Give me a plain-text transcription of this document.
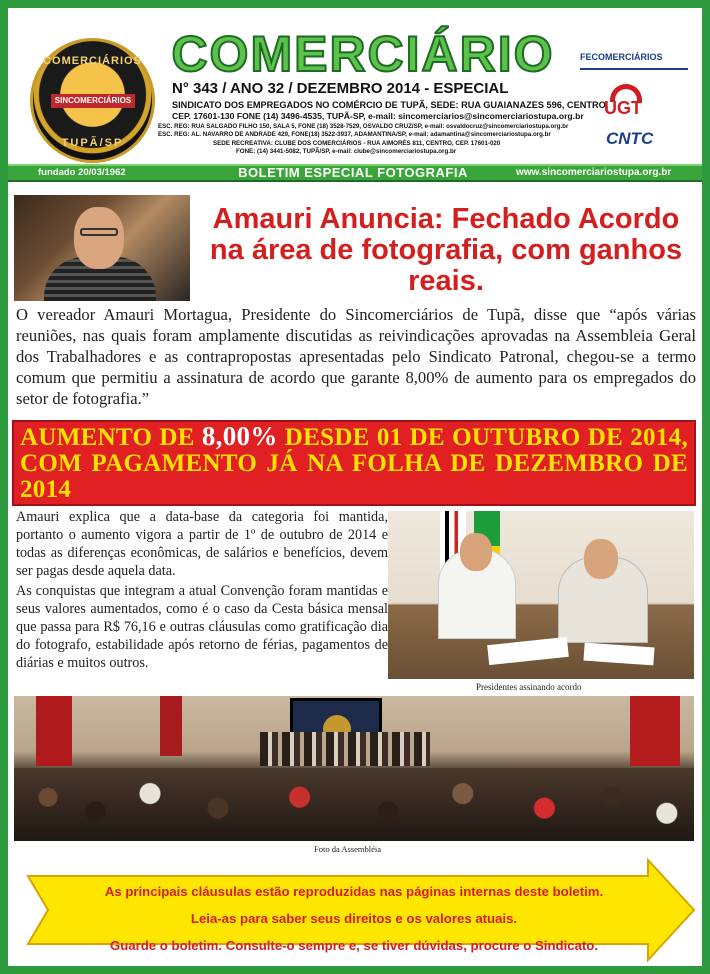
COMERCIÁRIOS
SINCOMERCIÁRIOS
TUPÃ/SP
COMERCIÁRIO
N° 343 / ANO 32 / DEZEMBRO 2014 - ESPECIAL
SINDICATO DOS EMPREGADOS NO COMÉRCIO DE TUPÃ, SEDE: RUA GUAIANAZES 596, CENTRO,
CEP. 17601-130 FONE (14) 3496-4535, TUPÃ-SP, e-mail: sincomerciarios@sincomerciariostupa.org.br
ESC. REG: RUA SALGADO FILHO 150, SALA 5, FONE (18) 3528-7529, OSVALDO CRUZ/SP, e-mail: osvaldocruz@sincomerciariostupa.org.br
ESC. REG: AL. NAVARRO DE ANDRADE 429, FONE(18) 3522-3937, ADAMANTINA/SP, e-mail: adamantina@sincomerciariostupa.org.br
SEDE RECREATIVA: CLUBE DOS COMERCIÁRIOS - RUA AIMORÉS 811, CENTRO, CEP. 17601-020
FONE: (14) 3441-5082, TUPÃ/SP, e-mail: clube@sincomerciariostupa.org.br
FECOMERCIÁRIOS
UGT
CNTC
fundado 20/03/1962	BOLETIM ESPECIAL FOTOGRAFIA	www.sincomerciariostupa.org.br
Amauri Anuncia: Fechado Acordo na área de fotografia, com ganhos reais.
O vereador Amauri Mortagua, Presidente do Sincomerciários de Tupã, disse que “após várias reuniões, nas quais foram amplamente discutidas as reivindicações aprovadas na Assembleia Geral dos Trabalhadores e as contrapropostas apresentadas pelo Sindicato Patronal, chegou-se a termo comum que permitiu a assinatura de acordo que garante 8,00% de aumento para os empregados do setor de fotografia.”

AUMENTO DE 8,00% DESDE 01 DE OUTUBRO DE 2014, COM PAGAMENTO JÁ NA FOLHA DE DEZEMBRO DE 2014

Amauri explica que a data-base da categoria foi mantida, portanto o aumento vigora a partir de 1º de outubro de 2014 e todas as diferenças econômicas, de salários e benefícios, devem ser pagas desde aquela data.

As conquistas que integram a atual Convenção foram mantidas e seus valores aumentados, como é o caso da Cesta básica mensal que passa para R$ 76,16 e outras cláusulas como gratificação dia do fotografo, estabilidade após retorno de férias, pagamentos de diárias e muitos outros.

Presidentes assinando acordo
Foto da Assembléia
As principais cláusulas estão reproduzidas nas páginas internas deste boletim.
Leia-as para saber seus direitos e os valores atuais.
Guarde o boletim. Consulte-o sempre e, se tiver dúvidas, procure o Sindicato.
